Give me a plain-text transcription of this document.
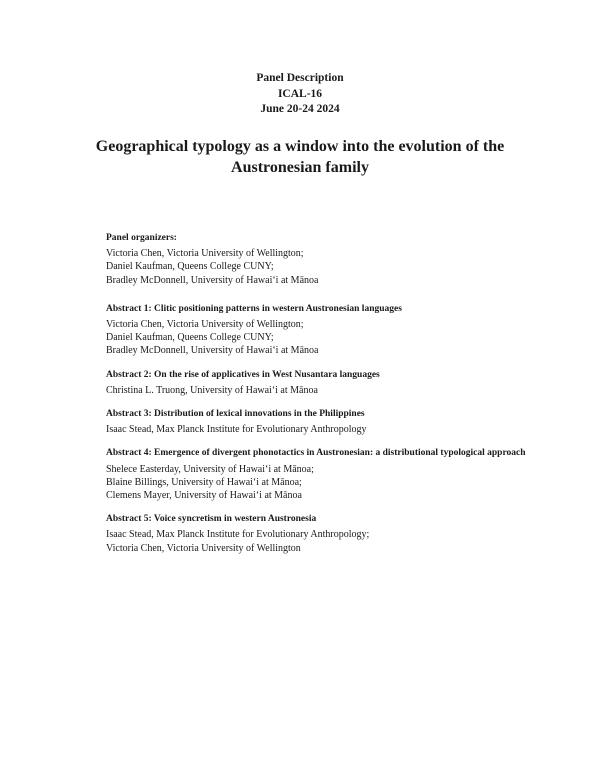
Panel Description
ICAL-16
June 20-24 2024
Geographical typology as a window into the evolution of the
Austronesian family
Panel organizers:
Victoria Chen, Victoria University of Wellington;
Daniel Kaufman, Queens College CUNY;
Bradley McDonnell, University of Hawaiʻi at Mānoa
Abstract 1: Clitic positioning patterns in western Austronesian languages
Victoria Chen, Victoria University of Wellington;
Daniel Kaufman, Queens College CUNY;
Bradley McDonnell, University of Hawaiʻi at Mānoa
Abstract 2: On the rise of applicatives in West Nusantara languages
Christina L. Truong, University of Hawaiʻi at Mānoa
Abstract 3: Distribution of lexical innovations in the Philippines
Isaac Stead, Max Planck Institute for Evolutionary Anthropology
Abstract 4: Emergence of divergent phonotactics in Austronesian: a distributional typological approach
Shelece Easterday, University of Hawaiʻi at Mānoa;
Blaine Billings, University of Hawaiʻi at Mānoa;
Clemens Mayer, University of Hawaiʻi at Mānoa
Abstract 5: Voice syncretism in western Austronesia
Isaac Stead, Max Planck Institute for Evolutionary Anthropology;
Victoria Chen, Victoria University of Wellington
